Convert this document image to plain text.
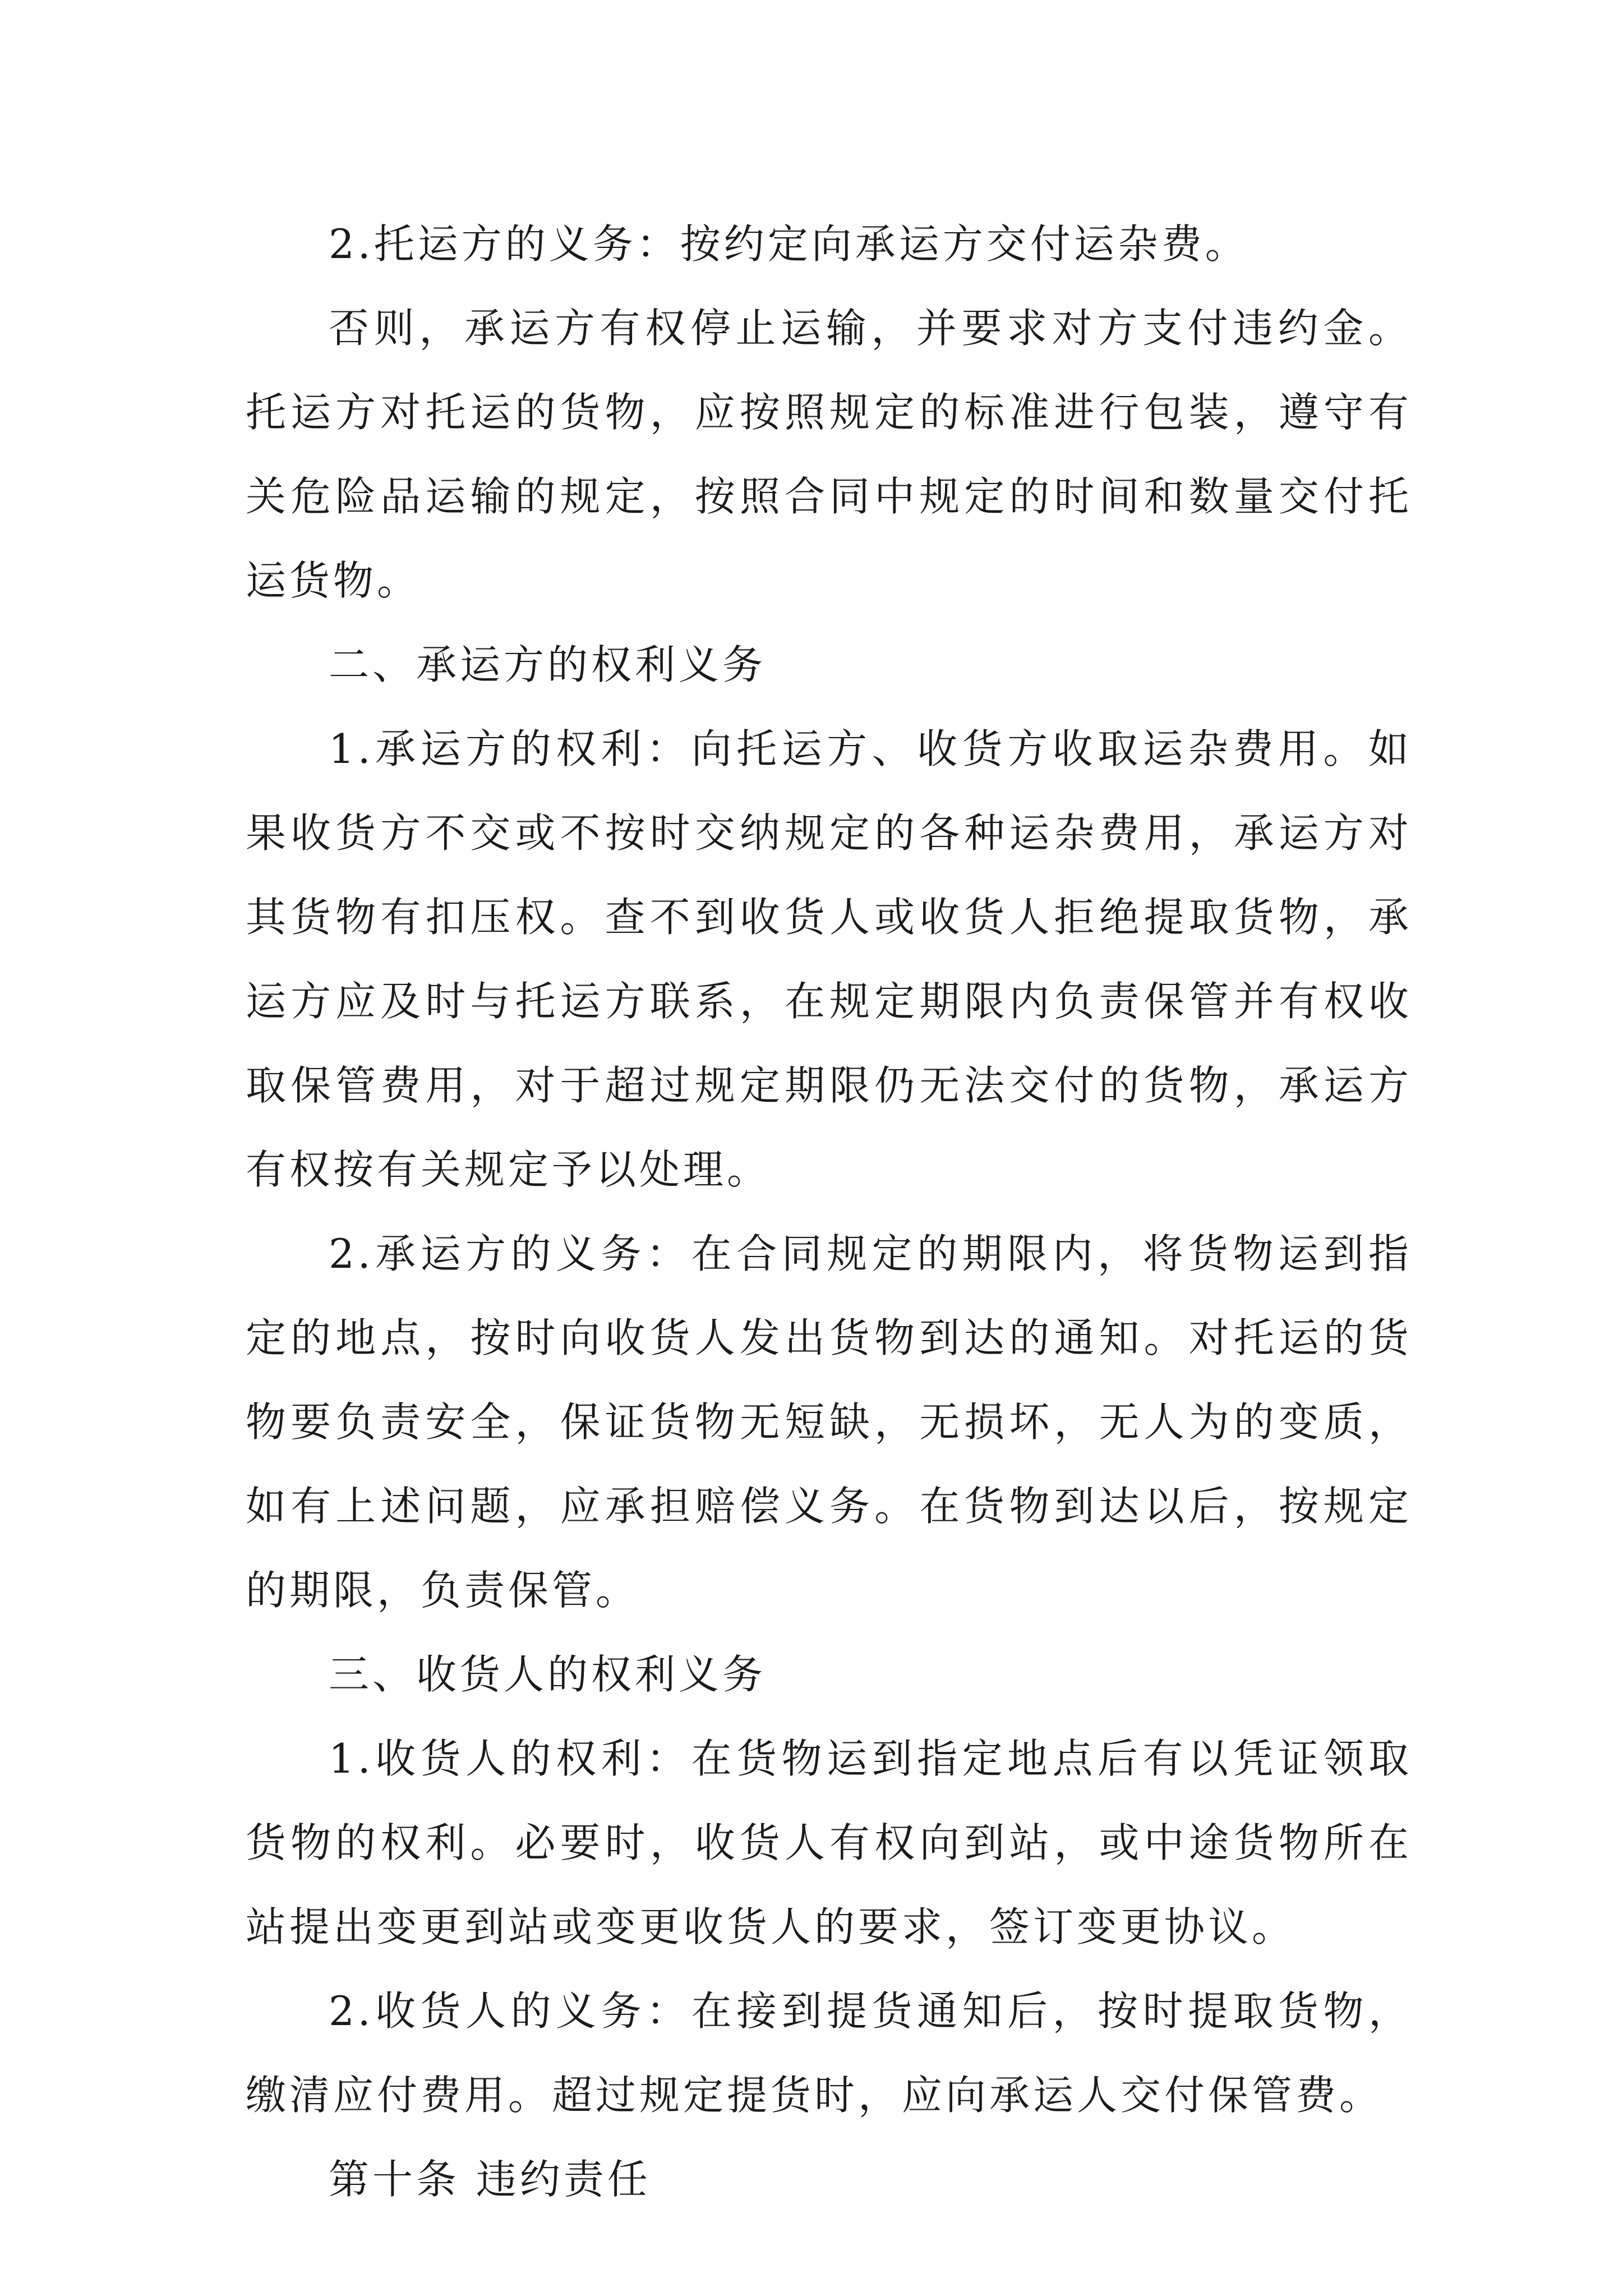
2.托运方的义务：按约定向承运方交付运杂费。

否则，承运方有权停止运输，并要求对方支付违约金。托运方对托运的货物，应按照规定的标准进行包装，遵守有关危险品运输的规定，按照合同中规定的时间和数量交付托运货物。

二、承运方的权利义务

1.承运方的权利：向托运方、收货方收取运杂费用。如果收货方不交或不按时交纳规定的各种运杂费用，承运方对其货物有扣压权。查不到收货人或收货人拒绝提取货物，承运方应及时与托运方联系，在规定期限内负责保管并有权收取保管费用，对于超过规定期限仍无法交付的货物，承运方有权按有关规定予以处理。

2.承运方的义务：在合同规定的期限内，将货物运到指定的地点，按时向收货人发出货物到达的通知。对托运的货物要负责安全，保证货物无短缺，无损坏，无人为的变质，如有上述问题，应承担赔偿义务。在货物到达以后，按规定的期限，负责保管。

三、收货人的权利义务

1.收货人的权利：在货物运到指定地点后有以凭证领取货物的权利。必要时，收货人有权向到站，或中途货物所在站提出变更到站或变更收货人的要求，签订变更协议。

2.收货人的义务：在接到提货通知后，按时提取货物，缴清应付费用。超过规定提货时，应向承运人交付保管费。

第十条 违约责任
